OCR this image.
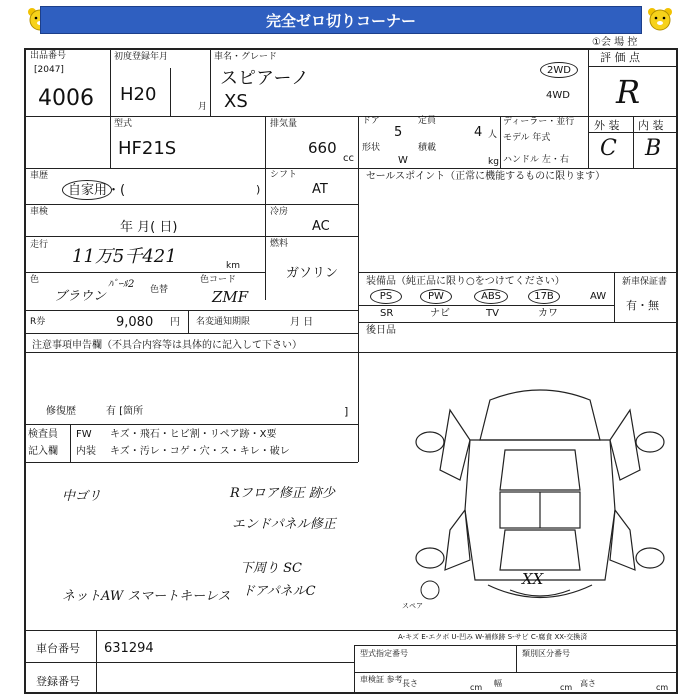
完全ゼロ切りコーナー
①会 場 控
出品番号
[2047]
4006
初度登録年月
H20
月
車名・グレード
スピアーノ
XS
2WD
4WD
評 価 点
R
型式
HF21S
排気量
660
cc
ドア
5
定員
4 人
形状
W
積載
kg
ディーラー・並行
モデル 年式
ハンドル 左・右
外 装 内 装
C B
車歴
自家用・(	)
車検
年 月( 日)
走行
11万5千421	km
色
ブラウン
ﾊﾟｰﾙ2 色替
色コード
ZMF
R券	9,080 円 名変通知期限	月 日
シフト
AT
冷房
AC
燃料
ガソリン
セールスポイント（正常に機能するものに限ります）
装備品（純正品に限り○をつけてください）	新車保証書
有・無
PS	PW	ABS	17B	AW
SR	ナビ	TV	カワ
後日品
注意事項申告欄（不具合内容等は具体的に記入して下さい）
修復歴	有 [箇所	]
検査員
記入欄
FW キズ・飛石・ヒビ割・リペア跡・X要
内装 キズ・汚レ・コゲ・穴・ス・キレ・破レ
中ゴリ	Rフロア修正 跡少
エンドパネル修正
下周り SC
ドアパネルC
ネットAW スマートキーレス
XX
スペア
A-キズ E-エクボ U-凹み W-補修跡 S-サビ C-腐食 XX-交換済
車台番号 631294
登録番号
型式指定番号	類別区分番号
車検証 参考 長さ	cm 幅	cm 高さ	cm
